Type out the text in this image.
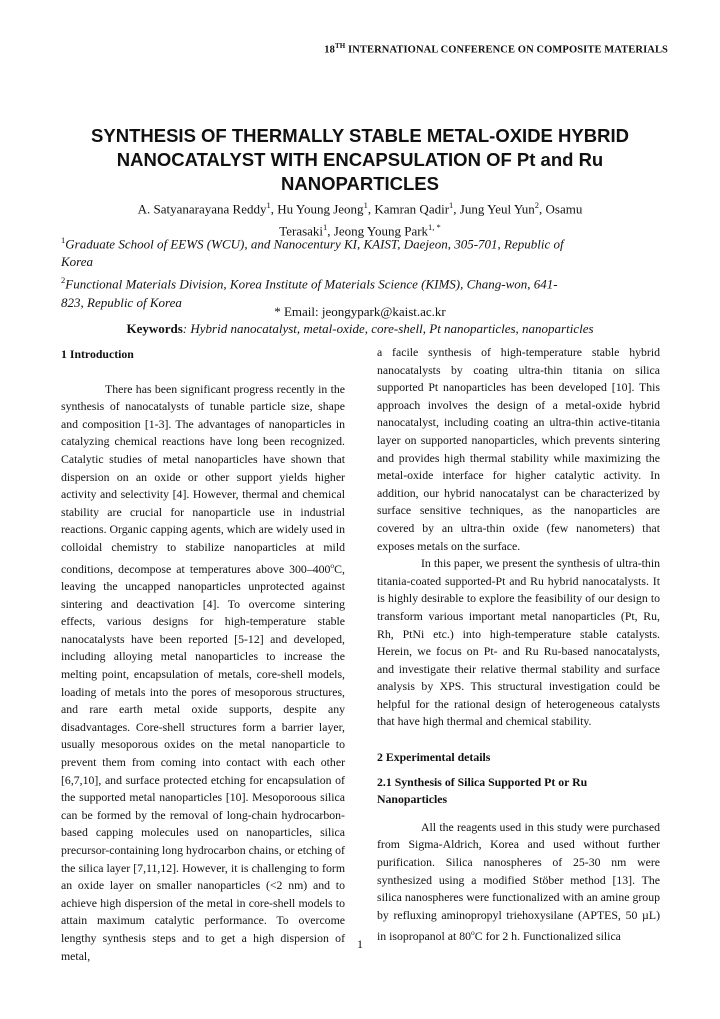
18TH INTERNATIONAL CONFERENCE ON COMPOSITE MATERIALS
SYNTHESIS OF THERMALLY STABLE METAL-OXIDE HYBRID
NANOCATALYST WITH ENCAPSULATION OF Pt and Ru
NANOPARTICLES
A. Satyanarayana Reddy$^1$, Hu Young Jeong$^1$, Kamran Qadir$^1$, Jung Yeul Yun$^2$, Osamu
Terasaki$^1$, Jeong Young Park$^{1, *}$
$^1$Graduate School of EEWS (WCU), and Nanocentury KI, KAIST, Daejeon, 305-701, Republic of
Korea
$^2$Functional Materials Division, Korea Institute of Materials Science (KIMS), Chang-won, 641-
823, Republic of Korea
* Email: jeongypark@kaist.ac.kr
Keywords: Hybrid nanocatalyst, metal-oxide, core-shell, Pt nanoparticles, nanoparticles
1 Introduction

There has been significant progress recently in the synthesis of nanocatalysts of tunable particle size, shape and composition [1-3]. The advantages of nanoparticles in catalyzing chemical reactions have long been recognized. Catalytic studies of metal nanoparticles have shown that dispersion on an oxide or other support yields higher activity and selectivity [4]. However, thermal and chemical stability are crucial for nanoparticle use in industrial reactions. Organic capping agents, which are widely used in colloidal chemistry to stabilize nanoparticles at mild conditions, decompose at temperatures above 300–400$^o$C, leaving the uncapped nanoparticles unprotected against sintering and deactivation [4]. To overcome sintering effects, various designs for high-temperature stable nanocatalysts have been reported [5-12] and developed, including alloying metal nanoparticles to increase the melting point, encapsulation of metals, core-shell models, loading of metals into the pores of mesoporous structures, and rare earth metal oxide supports, despite any disadvantages. Core-shell structures form a barrier layer, usually mesoporous oxides on the metal nanoparticle to prevent them from coming into contact with each other [6,7,10], and surface protected etching for encapsulation of the supported metal nanoparticles [10]. Mesoporoous silica can be formed by the removal of long-chain hydrocarbon-based capping molecules used on nanoparticles, silica precursor-containing long hydrocarbon chains, or etching of the silica layer [7,11,12]. However, it is challenging to form an oxide layer on smaller nanoparticles (<2 nm) and to achieve high dispersion of the metal in core-shell models to attain maximum catalytic performance. To overcome lengthy synthesis steps and to get a high dispersion of metal,

a facile synthesis of high-temperature stable hybrid nanocatalysts by coating ultra-thin titania on silica supported Pt nanoparticles has been developed [10]. This approach involves the design of a metal-oxide hybrid nanocatalyst, including coating an ultra-thin active-titania layer on supported nanoparticles, which prevents sintering and provides high thermal stability while maximizing the metal-oxide interface for higher catalytic activity. In addition, our hybrid nanocatalyst can be characterized by surface sensitive techniques, as the nanoparticles are covered by an ultra-thin oxide (few nanometers) that exposes metals on the surface.

In this paper, we present the synthesis of ultra-thin titania-coated supported-Pt and Ru hybrid nanocatalysts. It is highly desirable to explore the feasibility of our design to transform various important metal nanoparticles (Pt, Ru, Rh, PtNi etc.) into high-temperature stable catalysts. Herein, we focus on Pt- and Ru Ru-based nanocatalysts, and investigate their relative thermal stability and surface analysis by XPS. This structural investigation could be helpful for the rational design of heterogeneous catalysts that have high thermal and chemical stability.

2 Experimental details
2.1 Synthesis of Silica Supported Pt or Ru Nanoparticles

All the reagents used in this study were purchased from Sigma-Aldrich, Korea and used without further purification. Silica nanospheres of 25-30 nm were synthesized using a modified Stöber method [13]. The silica nanospheres were functionalized with an amine group by refluxing aminopropyl triehoxysilane (APTES, 50 µL) in isopropanol at 80$^o$C for 2 h. Functionalized silica

1
